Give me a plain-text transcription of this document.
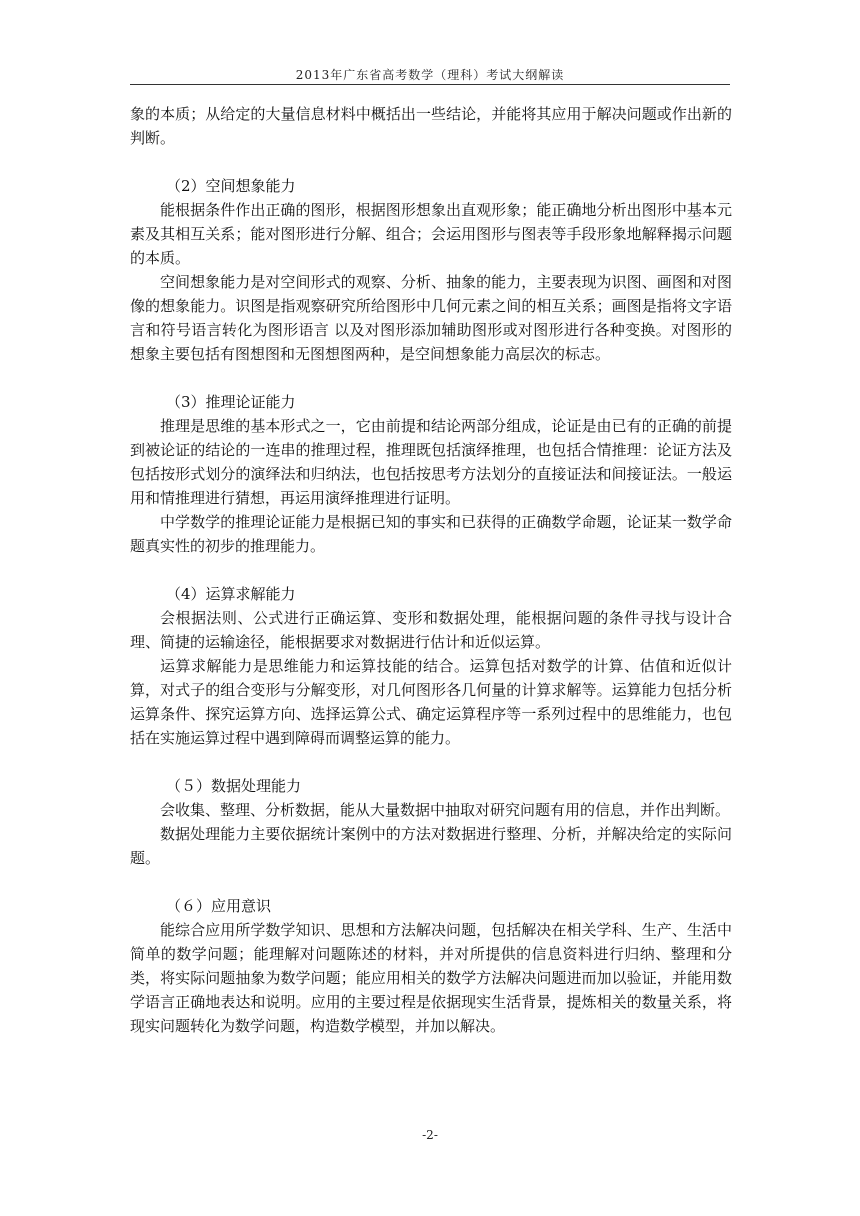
2013年广东省高考数学（理科）考试大纲解读

象的本质；从给定的大量信息材料中概括出一些结论，并能将其应用于解决问题或作出新的判断。

（2）空间想象能力

能根据条件作出正确的图形，根据图形想象出直观形象；能正确地分析出图形中基本元素及其相互关系；能对图形进行分解、组合；会运用图形与图表等手段形象地解释揭示问题的本质。

空间想象能力是对空间形式的观察、分析、抽象的能力，主要表现为识图、画图和对图像的想象能力。识图是指观察研究所给图形中几何元素之间的相互关系；画图是指将文字语言和符号语言转化为图形语言 以及对图形添加辅助图形或对图形进行各种变换。对图形的想象主要包括有图想图和无图想图两种，是空间想象能力高层次的标志。

（3）推理论证能力

推理是思维的基本形式之一，它由前提和结论两部分组成，论证是由已有的正确的前提到被论证的结论的一连串的推理过程，推理既包括演绎推理，也包括合情推理：论证方法及包括按形式划分的演绎法和归纳法，也包括按思考方法划分的直接证法和间接证法。一般运用和情推理进行猜想，再运用演绎推理进行证明。

中学数学的推理论证能力是根据已知的事实和已获得的正确数学命题，论证某一数学命题真实性的初步的推理能力。

（4）运算求解能力

会根据法则、公式进行正确运算、变形和数据处理，能根据问题的条件寻找与设计合理、简捷的运输途径，能根据要求对数据进行估计和近似运算。

运算求解能力是思维能力和运算技能的结合。运算包括对数学的计算、估值和近似计算，对式子的组合变形与分解变形，对几何图形各几何量的计算求解等。运算能力包括分析运算条件、探究运算方向、选择运算公式、确定运算程序等一系列过程中的思维能力，也包括在实施运算过程中遇到障碍而调整运算的能力。

（５）数据处理能力

会收集、整理、分析数据，能从大量数据中抽取对研究问题有用的信息，并作出判断。

数据处理能力主要依据统计案例中的方法对数据进行整理、分析，并解决给定的实际问题。

（６）应用意识

能综合应用所学数学知识、思想和方法解决问题，包括解决在相关学科、生产、生活中简单的数学问题；能理解对问题陈述的材料，并对所提供的信息资料进行归纳、整理和分类，将实际问题抽象为数学问题；能应用相关的数学方法解决问题进而加以验证，并能用数学语言正确地表达和说明。应用的主要过程是依据现实生活背景，提炼相关的数量关系，将现实问题转化为数学问题，构造数学模型，并加以解决。

-2-
